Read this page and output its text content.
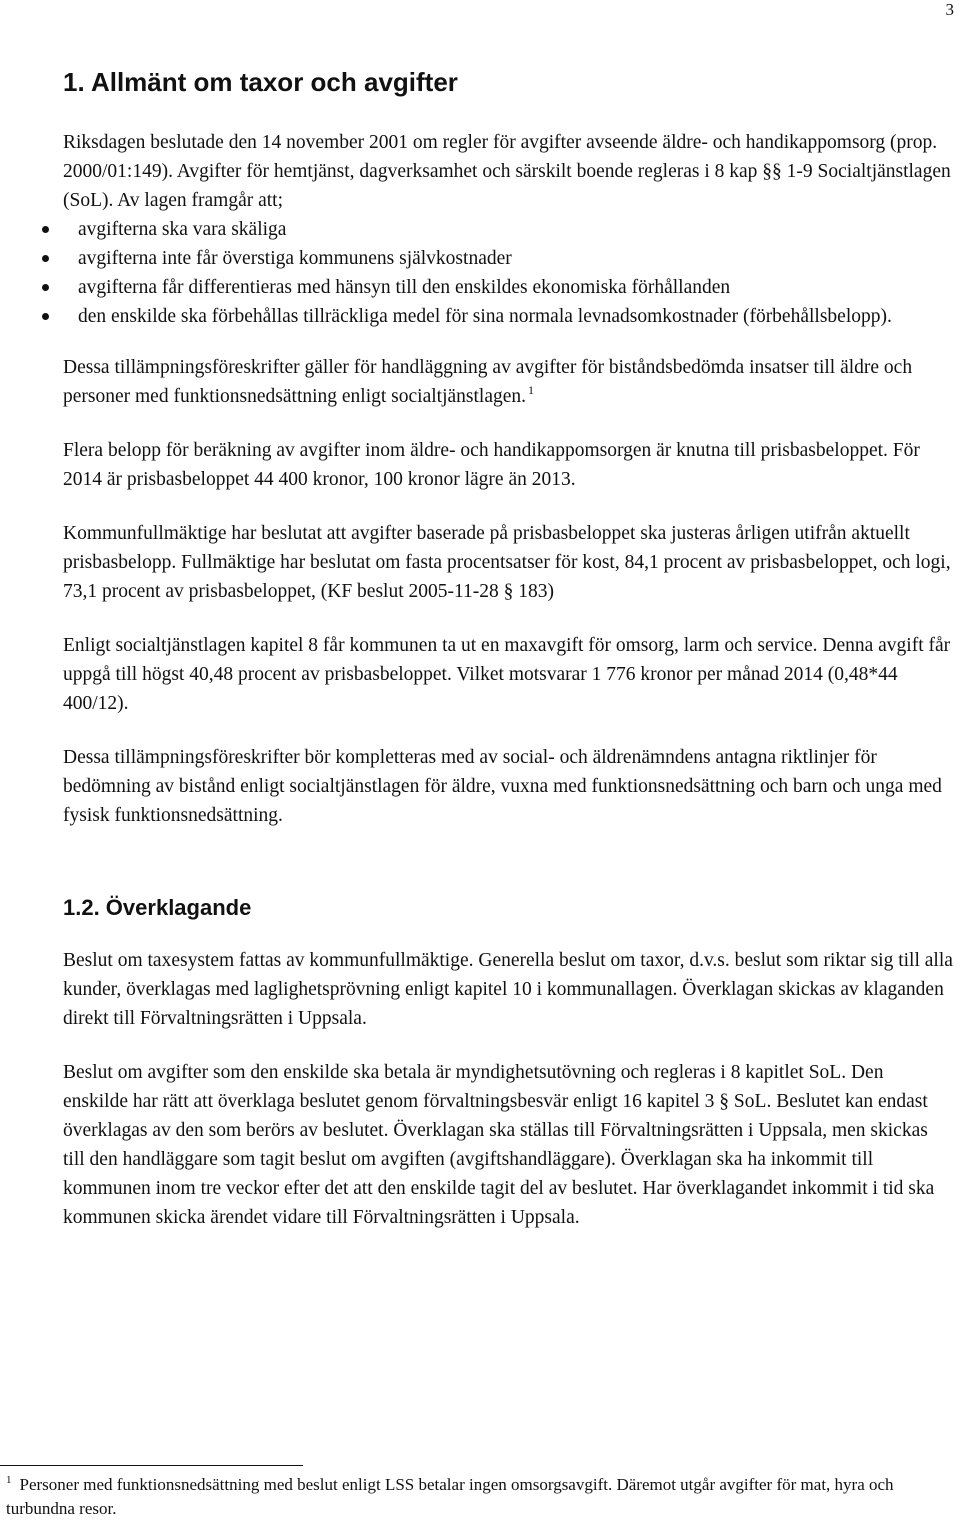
3
1. Allmänt om taxor och avgifter

Riksdagen beslutade den 14 november 2001 om regler för avgifter avseende äldre- och handikappomsorg (prop. 2000/01:149). Avgifter för hemtjänst, dagverksamhet och särskilt boende regleras i 8 kap §§ 1-9 Socialtjänstlagen (SoL). Av lagen framgår att;

avgifterna ska vara skäliga
avgifterna inte får överstiga kommunens självkostnader
avgifterna får differentieras med hänsyn till den enskildes ekonomiska förhållanden
den enskilde ska förbehållas tillräckliga medel för sina normala levnadsomkostnader (förbehållsbelopp).

Dessa tillämpningsföreskrifter gäller för handläggning av avgifter för biståndsbedömda insatser till äldre och personer med funktionsnedsättning enligt socialtjänstlagen. $^1$

Flera belopp för beräkning av avgifter inom äldre- och handikappomsorgen är knutna till prisbasbeloppet. För 2014 är prisbasbeloppet 44 400 kronor, 100 kronor lägre än 2013.

Kommunfullmäktige har beslutat att avgifter baserade på prisbasbeloppet ska justeras årligen utifrån aktuellt prisbasbelopp. Fullmäktige har beslutat om fasta procentsatser för kost, 84,1 procent av prisbasbeloppet, och logi, 73,1 procent av prisbasbeloppet, (KF beslut 2005-11-28 § 183)

Enligt socialtjänstlagen kapitel 8 får kommunen ta ut en maxavgift för omsorg, larm och service. Denna avgift får uppgå till högst 40,48 procent av prisbasbeloppet. Vilket motsvarar 1 776 kronor per månad 2014 (0,48*44 400/12).

Dessa tillämpningsföreskrifter bör kompletteras med av social- och äldrenämndens antagna riktlinjer för bedömning av bistånd enligt socialtjänstlagen för äldre, vuxna med funktionsnedsättning och barn och unga med fysisk funktionsnedsättning.

1.2. Överklagande

Beslut om taxesystem fattas av kommunfullmäktige. Generella beslut om taxor, d.v.s. beslut som riktar sig till alla kunder, överklagas med laglighetsprövning enligt kapitel 10 i kommunallagen. Överklagan skickas av klaganden direkt till Förvaltningsrätten i Uppsala.

Beslut om avgifter som den enskilde ska betala är myndighetsutövning och regleras i 8 kapitlet SoL. Den enskilde har rätt att överklaga beslutet genom förvaltningsbesvär enligt 16 kapitel 3 § SoL. Beslutet kan endast överklagas av den som berörs av beslutet. Överklagan ska ställas till Förvaltningsrätten i Uppsala, men skickas till den handläggare som tagit beslut om avgiften (avgiftshandläggare). Överklagan ska ha inkommit till kommunen inom tre veckor efter det att den enskilde tagit del av beslutet. Har överklagandet inkommit i tid ska kommunen skicka ärendet vidare till Förvaltningsrätten i Uppsala.

$^1$ Personer med funktionsnedsättning med beslut enligt LSS betalar ingen omsorgsavgift. Däremot utgår avgifter för mat, hyra och turbundna resor.
